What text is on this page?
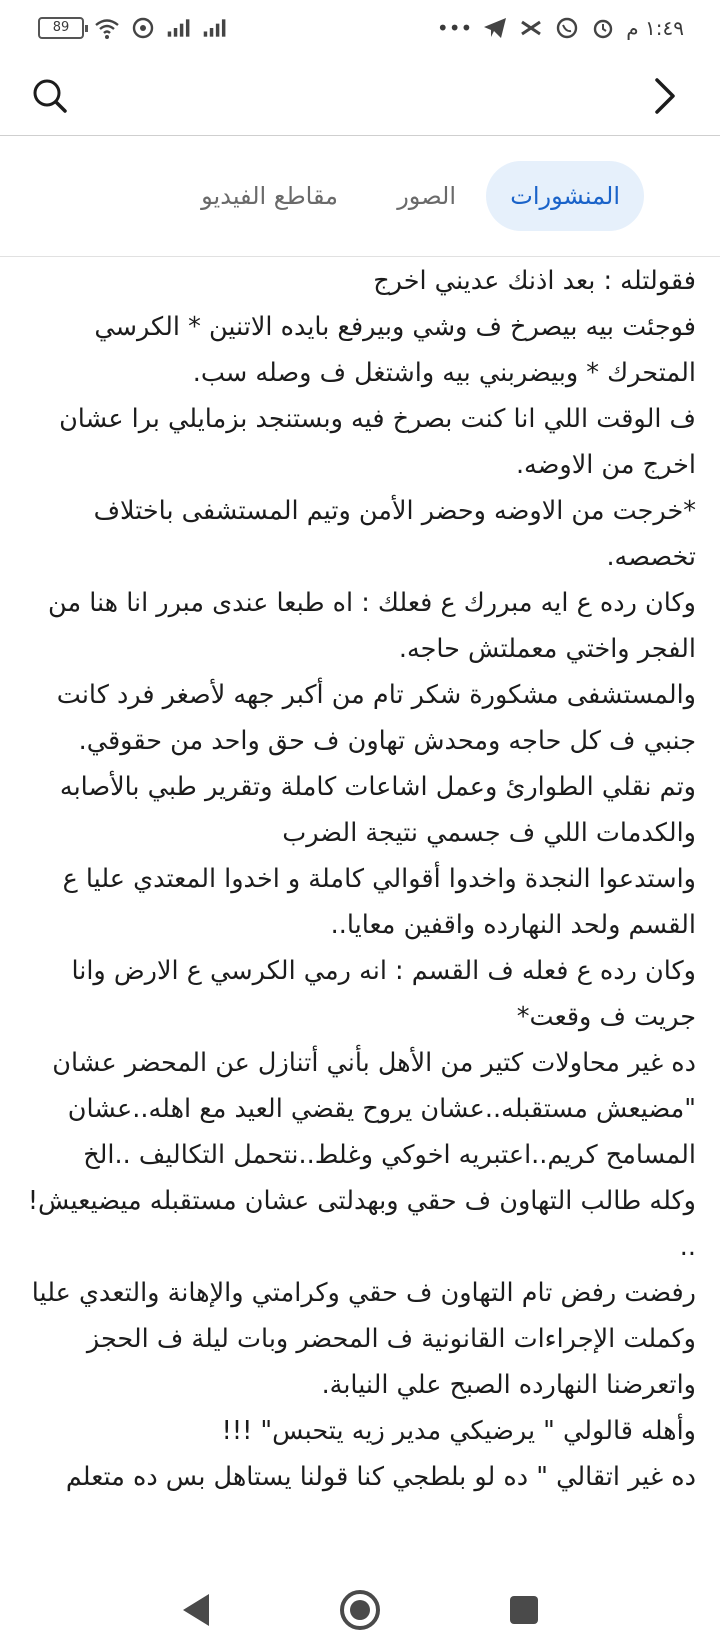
89	•••	١:٤٩ م
المنشورات
الصور
مقاطع الفيديو
فقولتله : بعد اذنك عديني اخرج
فوجئت بيه بيصرخ ف وشي وبيرفع بايده الاتنين * الكرسي المتحرك * وبيضربني بيه واشتغل ف وصله سب.
ف الوقت اللي انا كنت بصرخ فيه وبستنجد بزمايلي برا عشان اخرج من الاوضه.
*خرجت من الاوضه وحضر الأمن وتيم المستشفى باختلاف تخصصه.
وكان رده ع ايه مبررك ع فعلك : اه طبعا عندى مبرر انا هنا من الفجر واختي معملتش حاجه.
والمستشفى مشكورة شكر تام من أكبر جهه لأصغر فرد كانت جنبي ف كل حاجه ومحدش تهاون ف حق واحد من حقوقي.
وتم نقلي الطوارئ وعمل اشاعات كاملة وتقرير طبي بالأصابه والكدمات اللي ف جسمي نتيجة الضرب
واستدعوا النجدة واخدوا أقوالي كاملة و اخدوا المعتدي عليا ع القسم ولحد النهارده واقفين معايا..
وكان رده ع فعله ف القسم : انه رمي الكرسي ع الارض وانا جريت ف وقعت*
ده غير محاولات كتير من الأهل بأني أتنازل عن المحضر عشان "مضيعش مستقبله..عشان يروح يقضي العيد مع اهله..عشان المسامح كريم..اعتبريه اخوكي وغلط..نتحمل التكاليف ..الخ
وكله طالب التهاون ف حقي وبهدلتى عشان مستقبله ميضيعيش! ..
رفضت رفض تام التهاون ف حقي وكرامتي والإهانة والتعدي عليا وكملت الإجراءات القانونية ف المحضر وبات ليلة ف الحجز واتعرضنا النهارده الصبح علي النيابة.
وأهله قالولي " يرضيكي مدير زيه يتحبس" !!!
ده غير اتقالي " ده لو بلطجي كنا قولنا يستاهل بس ده متعلم
